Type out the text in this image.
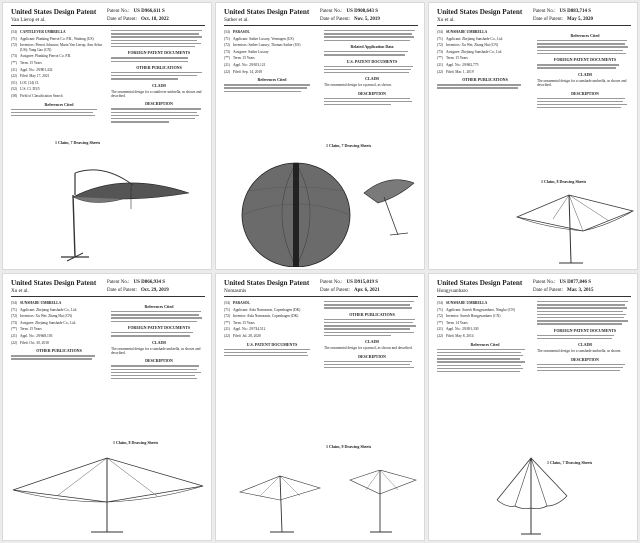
United States Design Patent
Van Lierop et al.
Patent No.: US D966,611 S
Date of Patent: Oct. 18, 2022
(54) CANTILEVER UMBRELLA
(71) Applicant: Planking Pierrot Co. P.R., Wadong (US)
(72) Inventors: Pierrot Johnson; Maria Van Lierop, Ann Arbor (US); Yang Gao (CN)
(73) Assignee: Planking Pierrot Co. P.R.
(**) Term: 15 Years
(21) Appl. No.: 29/801,432
(22) Filed: May 17, 2021
(51) LOC (14) Cl.
(52) U.S. Cl. D3/5
(58) Field of Classification Search
References Cited
FOREIGN PATENT DOCUMENTS
OTHER PUBLICATIONS
CLAIM
The ornamental design for a cantilever umbrella, as shown and described.
DESCRIPTION
1 Claim, 7 Drawing Sheets
United States Design Patent
Sather et al.
Patent No.: US D908,643 S
Date of Patent: Nov. 5, 2019
(54) PARASOL
(71) Applicant: Sather Luxury, Vermagen (US)
(72) Inventors: Sather Luxury; Thomas Sather (US)
(73) Assignee: Sather Luxury
(**) Term: 15 Years
(21) Appl. No.: 29/653,121
(22) Filed: Sep. 14, 2018
References Cited
Related Application Data
U.S. PATENT DOCUMENTS
CLAIM
The ornamental design for a parasol, as shown.
DESCRIPTION
1 Claim, 7 Drawing Sheets
United States Design Patent
Xu et al.
Patent No.: US D883,714 S
Date of Patent: May 5, 2020
(54) SUNSHADE UMBRELLA
(71) Applicant: Zhejiang Sunshade Co., Ltd.
(72) Inventors: Xu Wei; Zhang Hui (CN)
(73) Assignee: Zhejiang Sunshade Co., Ltd.
(**) Term: 15 Years
(21) Appl. No.: 29/682,775
(22) Filed: Mar. 1, 2019
OTHER PUBLICATIONS
References Cited
FOREIGN PATENT DOCUMENTS
CLAIM
The ornamental design for a sunshade umbrella, as shown and described.
DESCRIPTION
1 Claim, 8 Drawing Sheets
United States Design Patent
Xu et al.
Patent No.: US D866,934 S
Date of Patent: Oct. 29, 2019
(54) SUNSHADE UMBRELLA
(71) Applicant: Zhejiang Sunshade Co., Ltd.
(72) Inventors: Xu Wei; Zhang Hui (CN)
(73) Assignee: Zhejiang Sunshade Co., Ltd.
(**) Term: 15 Years
(21) Appl. No.: 29/668,103
(22) Filed: Oct. 30, 2018
OTHER PUBLICATIONS
References Cited
FOREIGN PATENT DOCUMENTS
CLAIM
The ornamental design for a sunshade umbrella, as shown and described.
DESCRIPTION
1 Claim, 8 Drawing Sheets
United States Design Patent
Nomasmis
Patent No.: US D915,019 S
Date of Patent: Apr. 6, 2021
(54) PARASOL
(71) Applicant: Aida Nomasmis, Copenhagen (DK)
(72) Inventor: Aida Nomasmis, Copenhagen (DK)
(**) Term: 15 Years
(21) Appl. No.: 29/744,512
(22) Filed: Jul. 28, 2020
U.S. PATENT DOCUMENTS
OTHER PUBLICATIONS
CLAIM
The ornamental design for a parasol, as shown and described.
DESCRIPTION
1 Claim, 9 Drawing Sheets
United States Design Patent
Hongyuanbaro
Patent No.: US D877,846 S
Date of Patent: Mar. 3, 2015
(54) SUNSHADE UMBRELLA
(71) Applicant: Suresh Hongyuanbaro, Ningbo (CN)
(72) Inventor: Suresh Hongyuanbaro (CN)
(**) Term: 14 Years
(21) Appl. No.: 29/491,330
(22) Filed: May 8, 2014
References Cited
FOREIGN PATENT DOCUMENTS
CLAIM
The ornamental design for a sunshade umbrella, as shown.
DESCRIPTION
1 Claim, 7 Drawing Sheets
